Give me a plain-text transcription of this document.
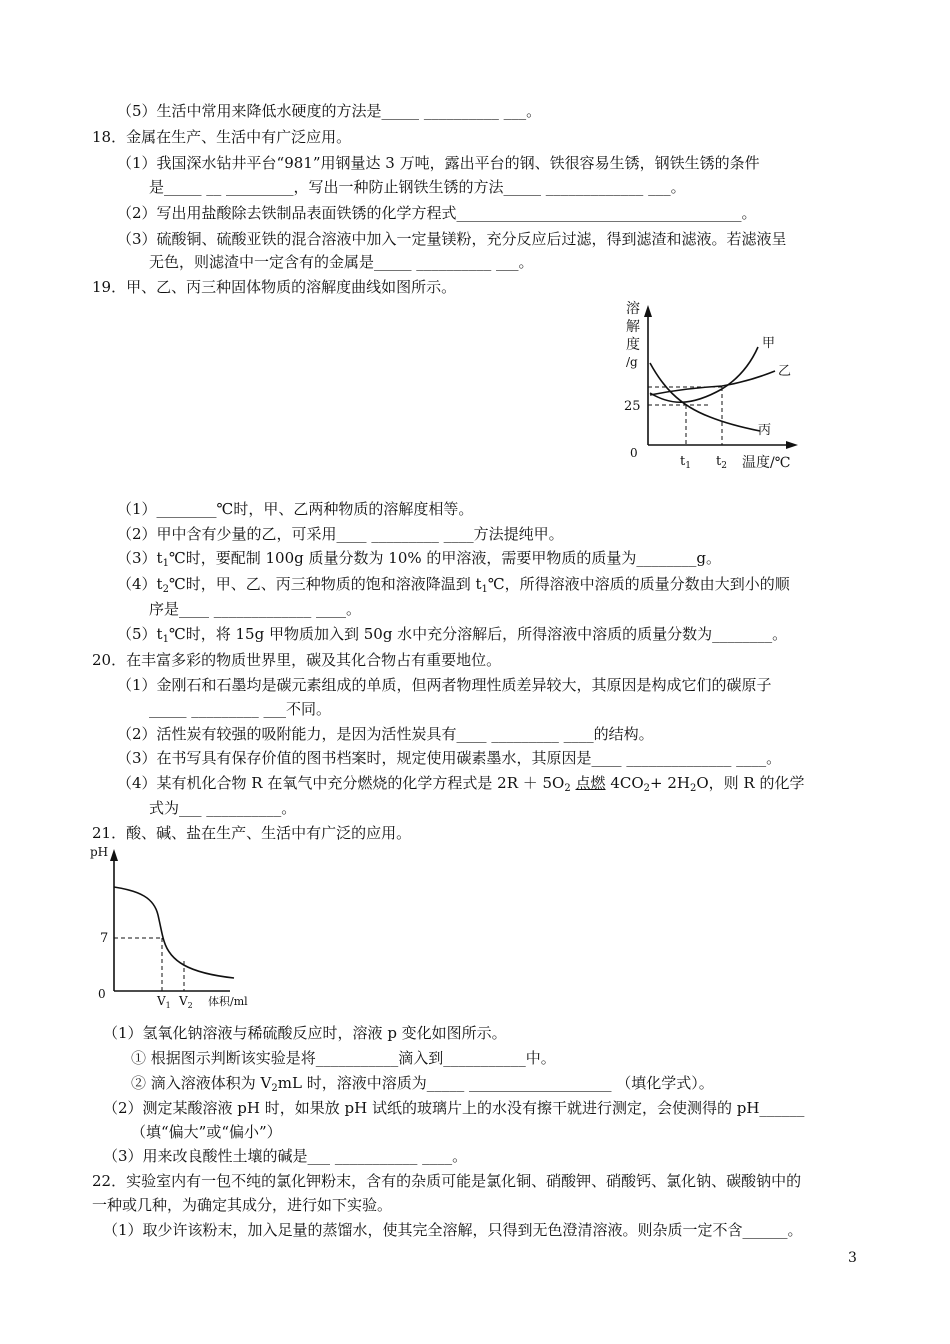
（5）生活中常用来降低水硬度的方法是_____ __________ ___。
18．金属在生产、生活中有广泛应用。
（1）我国深水钻井平台“981”用钢量达 3 万吨，露出平台的钢、铁很容易生锈，钢铁生锈的条件
是_____ __ _________，写出一种防止钢铁生锈的方法_____ _____________ ___。
（2）写出用盐酸除去铁制品表面铁锈的化学方程式______________________________________。
（3）硫酸铜、硫酸亚铁的混合溶液中加入一定量镁粉，充分反应后过滤，得到滤渣和滤液。若滤液呈
无色，则滤渣中一定含有的金属是_____ __________ ___。
19．甲、乙、丙三种固体物质的溶解度曲线如图所示。
溶
解
度
/g
0
25
甲
乙
丙
$t_1$ $t_2$ 温度/℃
（1）________℃时，甲、乙两种物质的溶解度相等。
（2）甲中含有少量的乙，可采用____ _________ ____方法提纯甲。
$(3)t_1℃$时，要配制 100g 质量分数为 10% 的甲溶液，需要甲物质的质量为________g。
$(4)t_2℃$时，甲、乙、丙三种物质的饱和溶液降温到 $t_1℃$，所得溶液中溶质的质量分数由大到小的顺
序是____ _____________ ____。
$(5)t_1℃$时，将 15g 甲物质加入到 50g 水中充分溶解后，所得溶液中溶质的质量分数为________。
20．在丰富多彩的物质世界里，碳及其化合物占有重要地位。
（1）金刚石和石墨均是碳元素组成的单质，但两者物理性质差异较大，其原因是构成它们的碳原子
_____ _________ ___不同。
（2）活性炭有较强的吸附能力，是因为活性炭具有____ _________ ____的结构。
（3）在书写具有保存价值的图书档案时，规定使用碳素墨水，其原因是____ ______________ ____。
（4）某有机化合物 R 在氧气中充分燃烧的化学方程式是 $2R + 5O_2$ 点燃 $4CO_2+ 2H_2O$，则 R 的化学
式为___ __________。
21．酸、碱、盐在生产、生活中有广泛的应用。
pH
0
7
$V_1$ $V_2$ 体积/ml
（1）氢氧化钠溶液与稀硫酸反应时，溶液 p 变化如图所示。
① 根据图示判断该实验是将___________滴入到___________中。
② 滴入溶液体积为 $V_2mL$ 时，溶液中溶质为_____ ___________________ （填化学式）。
（2）测定某酸溶液 pH 时，如果放 pH 试纸的玻璃片上的水没有擦干就进行测定，会使测得的 pH______
（填“偏大”或“偏小”）
（3）用来改良酸性土壤的碱是___ ___________ ____。
22．实验室内有一包不纯的氯化钾粉末，含有的杂质可能是氯化铜、硝酸钾、硝酸钙、氯化钠、碳酸钠中的
一种或几种，为确定其成分，进行如下实验。
（1）取少许该粉末，加入足量的蒸馏水，使其完全溶解，只得到无色澄清溶液。则杂质一定不含______。
3
